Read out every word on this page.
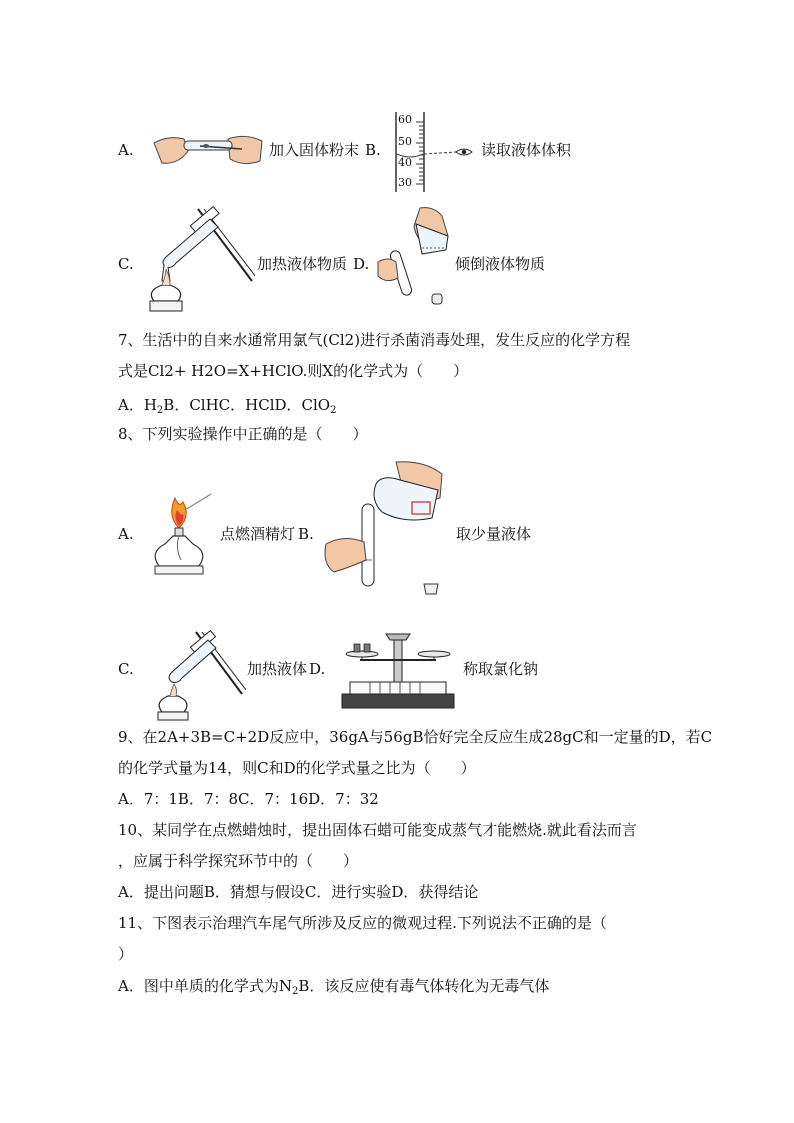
A.	加入固体粉末 B.
60
50
40
30
读取液体体积
C.	加热液体物质 D.	倾倒液体物质
7、生活中的自来水通常用氯气(Cl2)进行杀菌消毒处理，发生反应的化学方程
式是Cl2+ H2O=X+HClO.则X的化学式为（　　）
A．$H_2B$．ClHC．HClD．ClO$_2$
8、下列实验操作中正确的是（　　）
A.	点燃酒精灯 B.	取少量液体
C.	加热液体 D.	称取氯化钠
9、在2A+3B=C+2D反应中，36gA与56gB恰好完全反应生成28gC和一定量的D，若C
的化学式量为14，则C和D的化学式量之比为（　　）
A．7：1B．7：8C．7：16D．7：32
10、某同学在点燃蜡烛时，提出固体石蜡可能变成蒸气才能燃烧.就此看法而言
，应属于科学探究环节中的（　　）
A．提出问题B．猜想与假设C．进行实验D．获得结论
11、下图表示治理汽车尾气所涉及反应的微观过程.下列说法不正确的是（
）
A．图中单质的化学式为$N_2B$．该反应使有毒气体转化为无毒气体
